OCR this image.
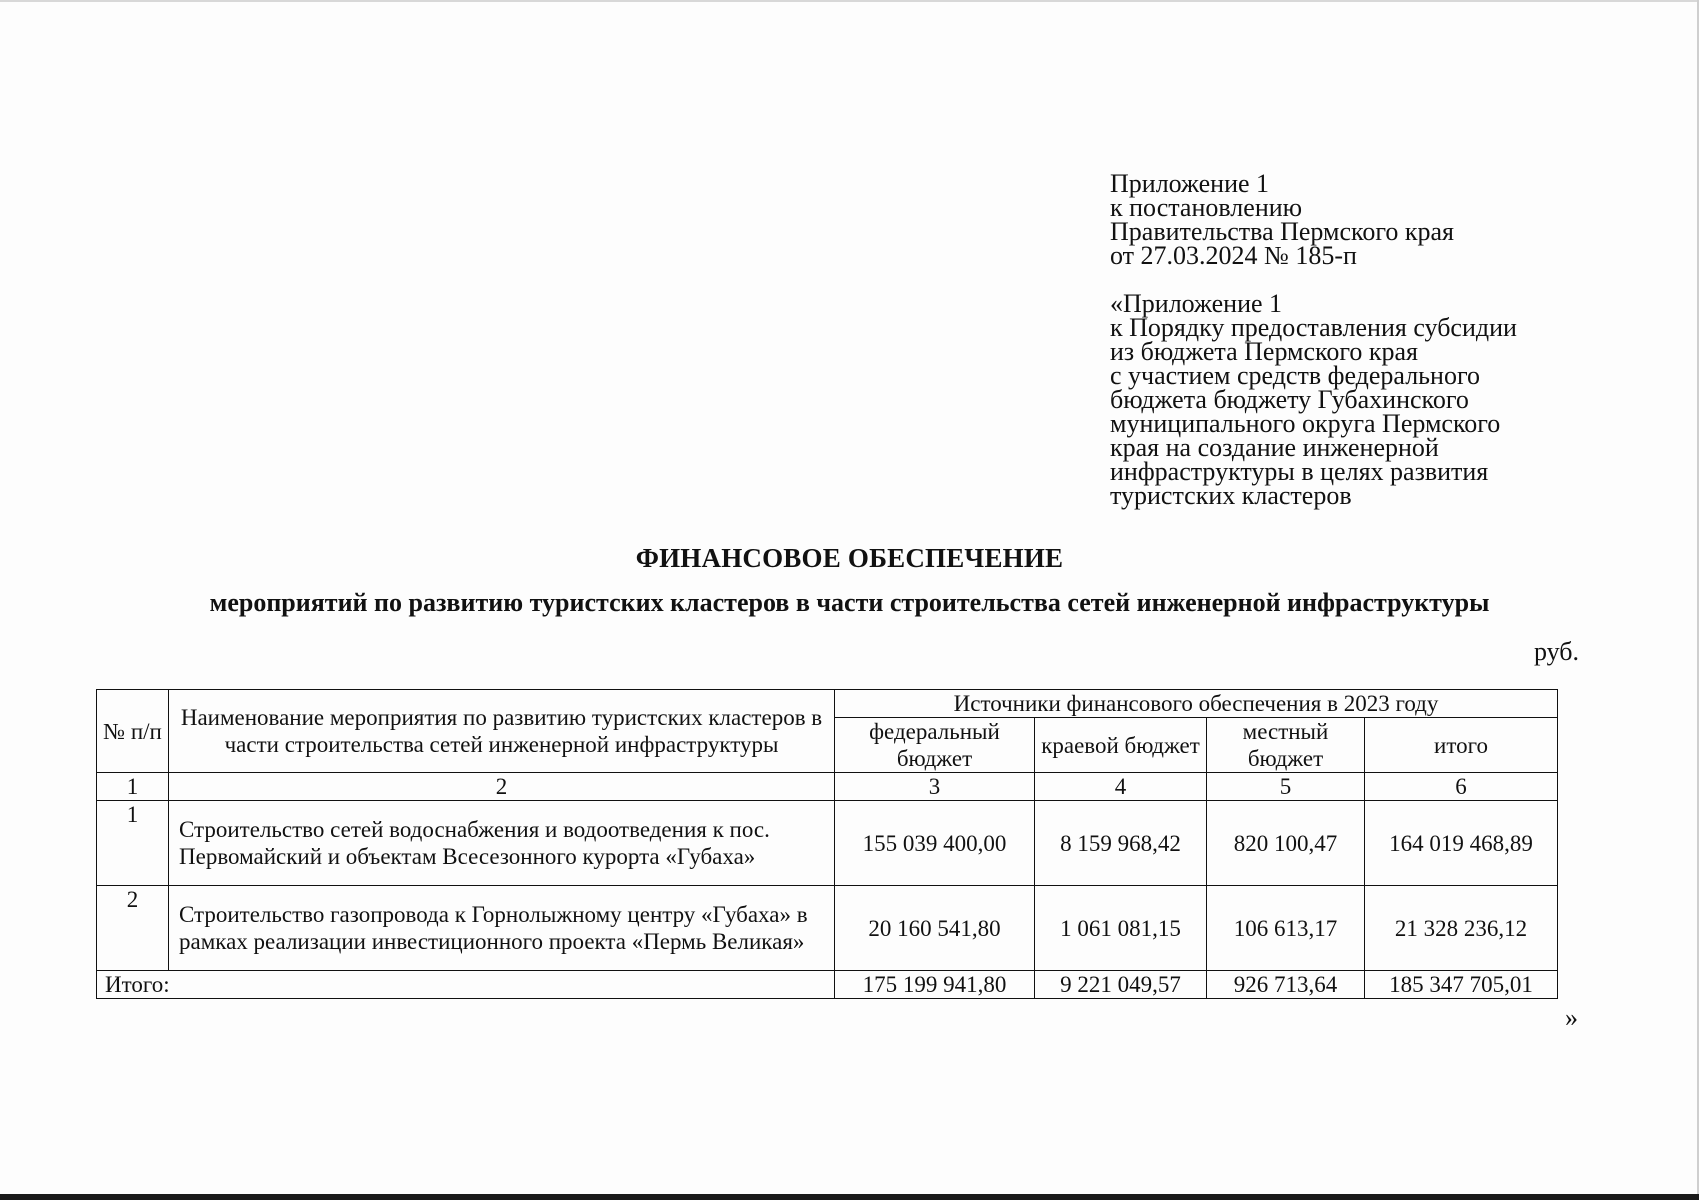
Приложение 1
к постановлению
Правительства Пермского края
от 27.03.2024 № 185-п
«Приложение 1
к Порядку предоставления субсидии
из бюджета Пермского края
с участием средств федерального
бюджета бюджету Губахинского
муниципального округа Пермского
края на создание инженерной
инфраструктуры в целях развития
туристских кластеров
ФИНАНСОВОЕ ОБЕСПЕЧЕНИЕ
мероприятий по развитию туристских кластеров в части строительства сетей инженерной инфраструктуры
руб.
№ п/п	Наименование мероприятия по развитию туристских кластеров в части строительства сетей инженерной инфраструктуры	Источники финансового обеспечения в 2023 году			
		федеральный бюджет	краевой бюджет	местный бюджет	итого
1	2	3	4	5	6
1	Строительство сетей водоснабжения и водоотведения к пос. Первомайский и объектам Всесезонного курорта «Губаха»	155 039 400,00	8 159 968,42	820 100,47	164 019 468,89
2	Строительство газопровода к Горнолыжному центру «Губаха» в рамках реализации инвестиционного проекта «Пермь Великая»	20 160 541,80	1 061 081,15	106 613,17	21 328 236,12
Итого:		175 199 941,80	9 221 049,57	926 713,64	185 347 705,01
»
